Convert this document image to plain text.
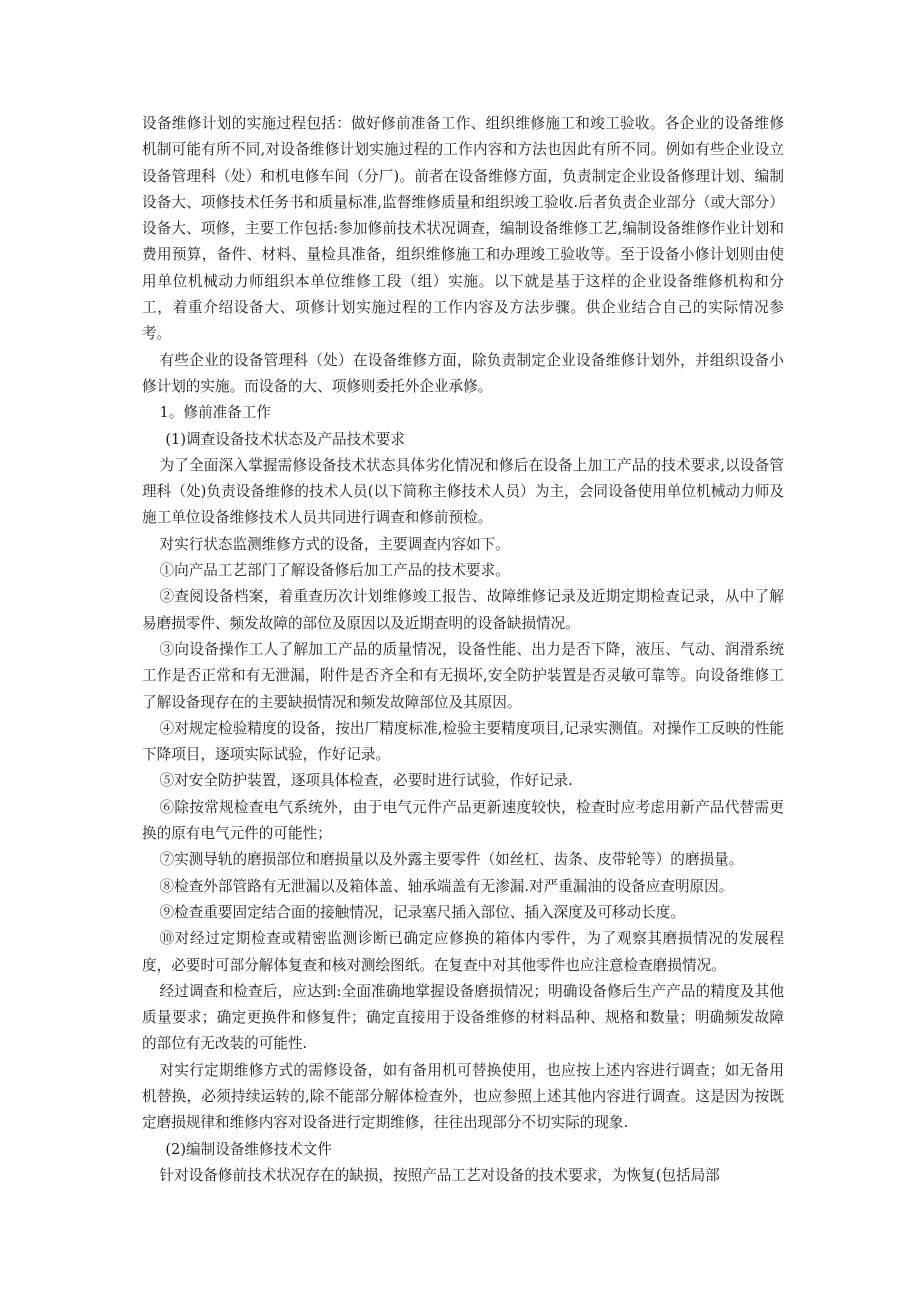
设备维修计划的实施过程包括：做好修前准备工作、组织维修施工和竣工验收。各企业的设备维修机制可能有所不同,对设备维修计划实施过程的工作内容和方法也因此有所不同。例如有些企业设立设备管理科（处）和机电修车间（分厂)。前者在设备维修方面，负责制定企业设备修理计划、编制设备大、项修技术任务书和质量标准,监督维修质量和组织竣工验收.后者负责企业部分（或大部分）设备大、项修，主要工作包括:参加修前技术状况调查，编制设备维修工艺,编制设备维修作业计划和费用预算，备件、材料、量检具准备，组织维修施工和办理竣工验收等。至于设备小修计划则由使用单位机械动力师组织本单位维修工段（组）实施。以下就是基于这样的企业设备维修机构和分工，着重介绍设备大、项修计划实施过程的工作内容及方法步骤。供企业结合自己的实际情况参考。

有些企业的设备管理科（处）在设备维修方面，除负责制定企业设备维修计划外，并组织设备小修计划的实施。而设备的大、项修则委托外企业承修。

1。修前准备工作

(1)调查设备技术状态及产品技术要求

为了全面深入掌握需修设备技术状态具体劣化情况和修后在设备上加工产品的技术要求,以设备管理科（处)负责设备维修的技术人员(以下简称主修技术人员）为主，会同设备使用单位机械动力师及施工单位设备维修技术人员共同进行调查和修前预检。

对实行状态监测维修方式的设备，主要调查内容如下。

①向产品工艺部门了解设备修后加工产品的技术要求。

②查阅设备档案，着重查历次计划维修竣工报告、故障维修记录及近期定期检查记录，从中了解易磨损零件、频发故障的部位及原因以及近期查明的设备缺损情况。

③向设备操作工人了解加工产品的质量情况，设备性能、出力是否下降，液压、气动、润滑系统工作是否正常和有无泄漏，附件是否齐全和有无损坏,安全防护装置是否灵敏可靠等。向设备维修工了解设备现存在的主要缺损情况和频发故障部位及其原因。

④对规定检验精度的设备，按出厂精度标准,检验主要精度项目,记录实测值。对操作工反映的性能下降项目，逐项实际试验，作好记录。

⑤对安全防护装置，逐项具体检查，必要时进行试验，作好记录.

⑥除按常规检查电气系统外，由于电气元件产品更新速度较快，检查时应考虑用新产品代替需更换的原有电气元件的可能性；

⑦实测导轨的磨损部位和磨损量以及外露主要零件（如丝杠、齿条、皮带轮等）的磨损量。

⑧检查外部管路有无泄漏以及箱体盖、轴承端盖有无渗漏.对严重漏油的设备应查明原因。

⑨检查重要固定结合面的接触情况，记录塞尺插入部位、插入深度及可移动长度。

⑩对经过定期检查或精密监测诊断已确定应修换的箱体内零件，为了观察其磨损情况的发展程度，必要时可部分解体复查和核对测绘图纸。在复查中对其他零件也应注意检查磨损情况。

经过调查和检查后，应达到:全面准确地掌握设备磨损情况；明确设备修后生产产品的精度及其他质量要求；确定更换件和修复件；确定直接用于设备维修的材料品种、规格和数量；明确频发故障的部位有无改装的可能性.

对实行定期维修方式的需修设备，如有备用机可替换使用，也应按上述内容进行调查；如无备用机替换，必须持续运转的,除不能部分解体检查外，也应参照上述其他内容进行调查。这是因为按既定磨损规律和维修内容对设备进行定期维修，往往出现部分不切实际的现象.

(2)编制设备维修技术文件

针对设备修前技术状况存在的缺损，按照产品工艺对设备的技术要求，为恢复(包括局部
